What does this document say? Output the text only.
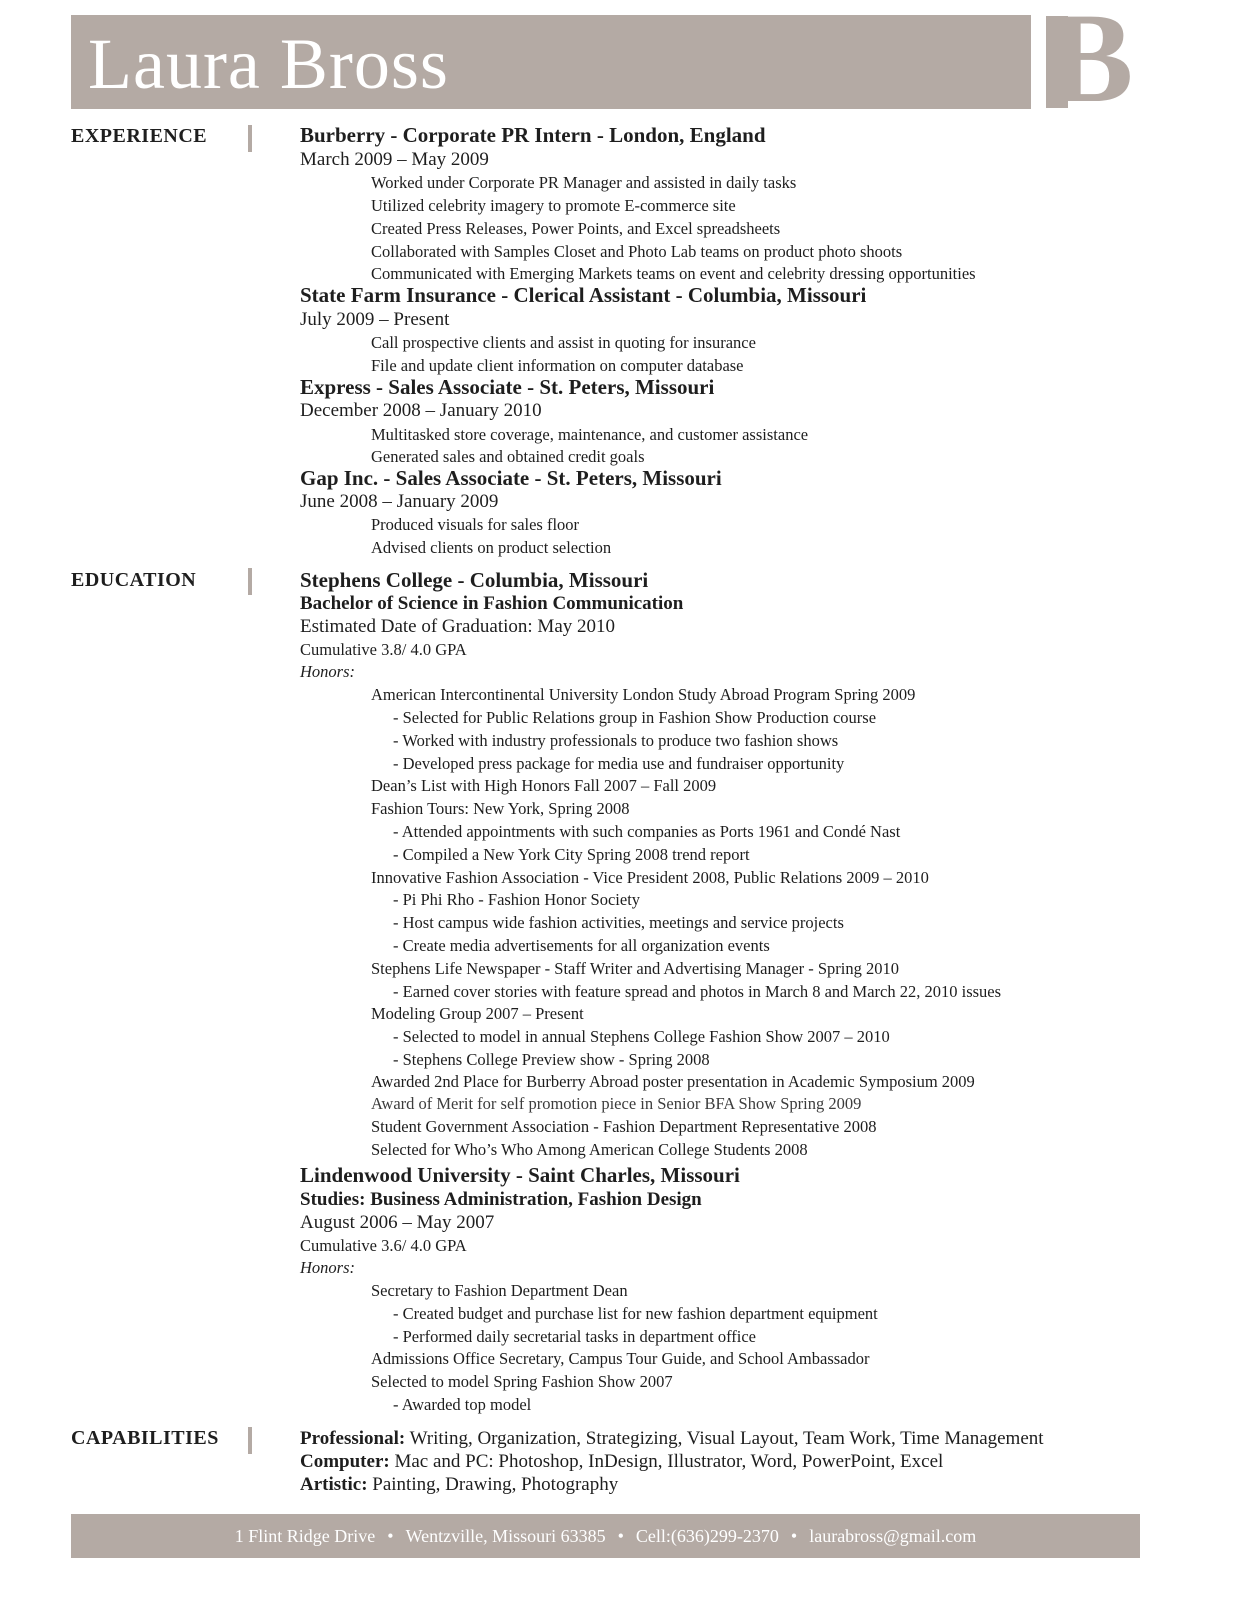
Laura Bross	B
EXPERIENCE	Burberry - Corporate PR Intern - London, England
March 2009 – May 2009
Worked under Corporate PR Manager and assisted in daily tasks
Utilized celebrity imagery to promote E-commerce site
Created Press Releases, Power Points, and Excel spreadsheets
Collaborated with Samples Closet and Photo Lab teams on product photo shoots
Communicated with Emerging Markets teams on event and celebrity dressing opportunities
State Farm Insurance - Clerical Assistant - Columbia, Missouri
July 2009 – Present
Call prospective clients and assist in quoting for insurance
File and update client information on computer database
Express - Sales Associate - St. Peters, Missouri
December 2008 – January 2010
Multitasked store coverage, maintenance, and customer assistance
Generated sales and obtained credit goals
Gap Inc. - Sales Associate - St. Peters, Missouri
June 2008 – January 2009
Produced visuals for sales floor
Advised clients on product selection
EDUCATION	Stephens College - Columbia, Missouri
Bachelor of Science in Fashion Communication
Estimated Date of Graduation: May 2010
Cumulative 3.8/ 4.0 GPA
Honors:
American Intercontinental University London Study Abroad Program Spring 2009
- Selected for Public Relations group in Fashion Show Production course
- Worked with industry professionals to produce two fashion shows
- Developed press package for media use and fundraiser opportunity
Dean’s List with High Honors Fall 2007 – Fall 2009
Fashion Tours: New York, Spring 2008
- Attended appointments with such companies as Ports 1961 and Condé Nast
- Compiled a New York City Spring 2008 trend report
Innovative Fashion Association - Vice President 2008, Public Relations 2009 – 2010
- Pi Phi Rho - Fashion Honor Society
- Host campus wide fashion activities, meetings and service projects
- Create media advertisements for all organization events
Stephens Life Newspaper - Staff Writer and Advertising Manager - Spring 2010
- Earned cover stories with feature spread and photos in March 8 and March 22, 2010 issues
Modeling Group 2007 – Present
- Selected to model in annual Stephens College Fashion Show 2007 – 2010
- Stephens College Preview show - Spring 2008
Awarded 2nd Place for Burberry Abroad poster presentation in Academic Symposium 2009
Award of Merit for self promotion piece in Senior BFA Show Spring 2009
Student Government Association - Fashion Department Representative 2008
Selected for Who’s Who Among American College Students 2008
Lindenwood University - Saint Charles, Missouri
Studies: Business Administration, Fashion Design
August 2006 – May 2007
Cumulative 3.6/ 4.0 GPA
Honors:
Secretary to Fashion Department Dean
- Created budget and purchase list for new fashion department equipment
- Performed daily secretarial tasks in department office
Admissions Office Secretary, Campus Tour Guide, and School Ambassador
Selected to model Spring Fashion Show 2007
- Awarded top model
CAPABILITIES	Professional: Writing, Organization, Strategizing, Visual Layout, Team Work, Time Management
Computer: Mac and PC: Photoshop, InDesign, Illustrator, Word, PowerPoint, Excel
Artistic: Painting, Drawing, Photography
1 Flint Ridge Drive • Wentzville, Missouri 63385 • Cell:(636)299-2370 • laurabross@gmail.com
